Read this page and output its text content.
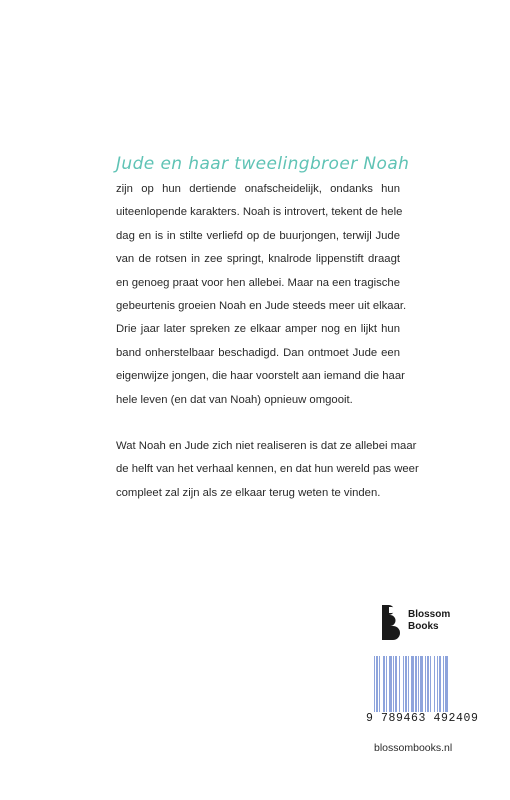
Jude en haar tweelingbroer Noah
zijn op hun dertiende onafscheidelijk, ondanks hun
uiteenlopende karakters. Noah is introvert, tekent de hele
dag en is in stilte verliefd op de buurjongen, terwijl Jude
van de rotsen in zee springt, knalrode lippenstift draagt
en genoeg praat voor hen allebei. Maar na een tragische
gebeurtenis groeien Noah en Jude steeds meer uit elkaar.
Drie jaar later spreken ze elkaar amper nog en lijkt hun
band onherstelbaar beschadigd. Dan ontmoet Jude een
eigenwijze jongen, die haar voorstelt aan iemand die haar
hele leven (en dat van Noah) opnieuw omgooit.
Wat Noah en Jude zich niet realiseren is dat ze allebei maar
de helft van het verhaal kennen, en dat hun wereld pas weer
compleet zal zijn als ze elkaar terug weten te vinden.
Blossom
Books
9 789463 492409
blossombooks.nl
